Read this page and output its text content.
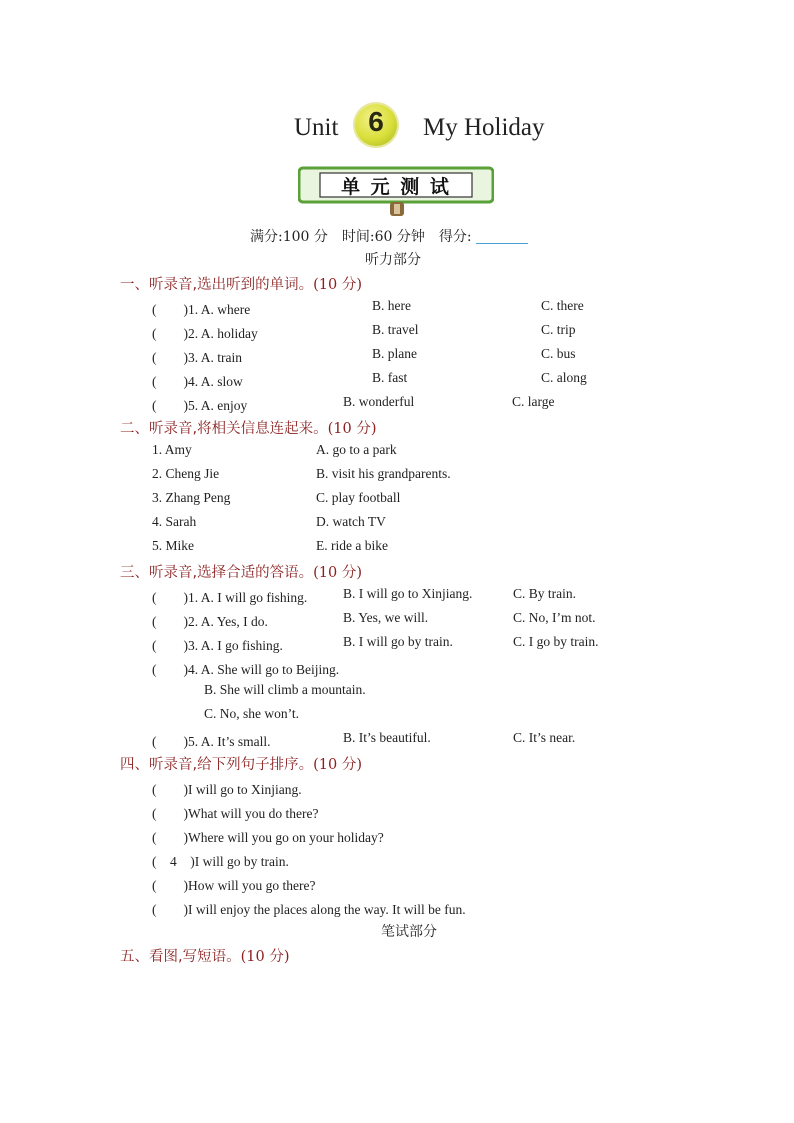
Unit	6	My Holiday
单 元 测 试
满分:100 分　时间:60 分钟　得分:
听力部分
一、听录音,选出听到的单词。(10 分)
(　　)1. A. where	B. here	C. there
(　　)2. A. holiday	B. travel	C. trip
(　　)3. A. train	B. plane	C. bus
(　　)4. A. slow	B. fast	C. along
(　　)5. A. enjoy	B. wonderful	C. large
二、听录音,将相关信息连起来。(10 分)
1. Amy	A. go to a park
2. Cheng Jie	B. visit his grandparents.
3. Zhang Peng	C. play football
4. Sarah	D. watch TV
5. Mike	E. ride a bike
三、听录音,选择合适的答语。(10 分)
(　　)1. A. I will go fishing.	B. I will go to Xinjiang.	C. By train.
(　　)2. A. Yes, I do.	B. Yes, we will.	C. No, I’m not.
(　　)3. A. I go fishing.	B. I will go by train.	C. I go by train.
(　　)4. A. She will go to Beijing.
B. She will climb a mountain.
C. No, she won’t.
(　　)5. A. It’s small.	B. It’s beautiful.	C. It’s near.
四、听录音,给下列句子排序。(10 分)
(　　)I will go to Xinjiang.
(　　)What will you do there?
(　　)Where will you go on your holiday?
(　4　)I will go by train.
(　　)How will you go there?
(　　)I will enjoy the places along the way. It will be fun.
笔试部分
五、看图,写短语。(10 分)
